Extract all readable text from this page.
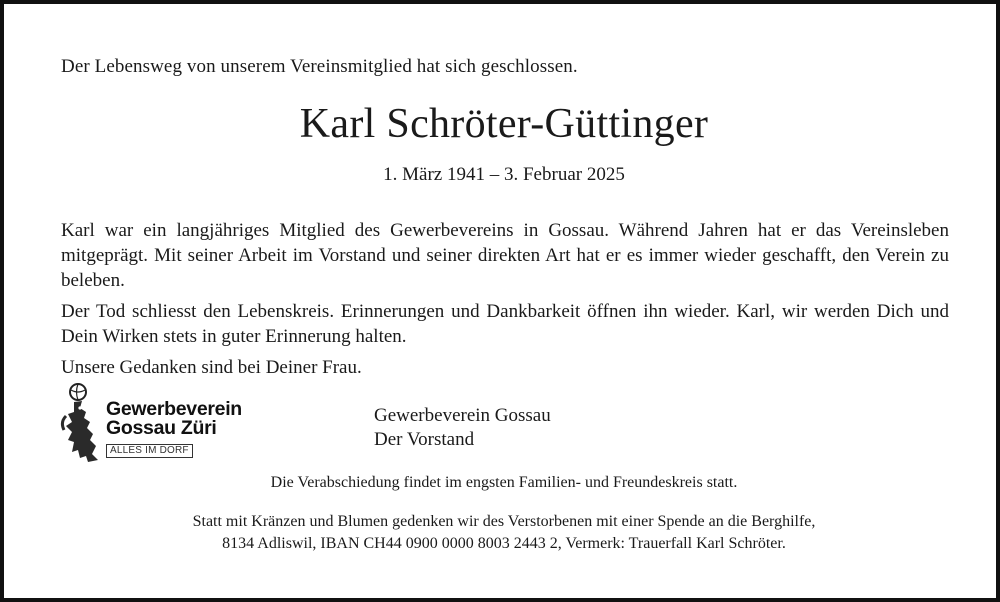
Der Lebensweg von unserem Vereinsmitglied hat sich geschlossen.
Karl Schröter-Güttinger
1. März 1941 – 3. Februar 2025

Karl war ein langjähriges Mitglied des Gewerbevereins in Gossau. Während Jahren hat er das Vereinsleben mitgeprägt. Mit seiner Arbeit im Vorstand und seiner direkten Art hat er es immer wieder geschafft, den Verein zu beleben.

Der Tod schliesst den Lebenskreis. Erinnerungen und Dankbarkeit öffnen ihn wieder. Karl, wir werden Dich und Dein Wirken stets in guter Erinnerung halten.

Unsere Gedanken sind bei Deiner Frau.

Gewerbeverein
Gossau Züri
ALLES IM DORF
Gewerbeverein Gossau
Der Vorstand
Die Verabschiedung findet im engsten Familien- und Freundeskreis statt.
Statt mit Kränzen und Blumen gedenken wir des Verstorbenen mit einer Spende an die Berghilfe,
8134 Adliswil, IBAN CH44 0900 0000 8003 2443 2, Vermerk: Trauerfall Karl Schröter.
